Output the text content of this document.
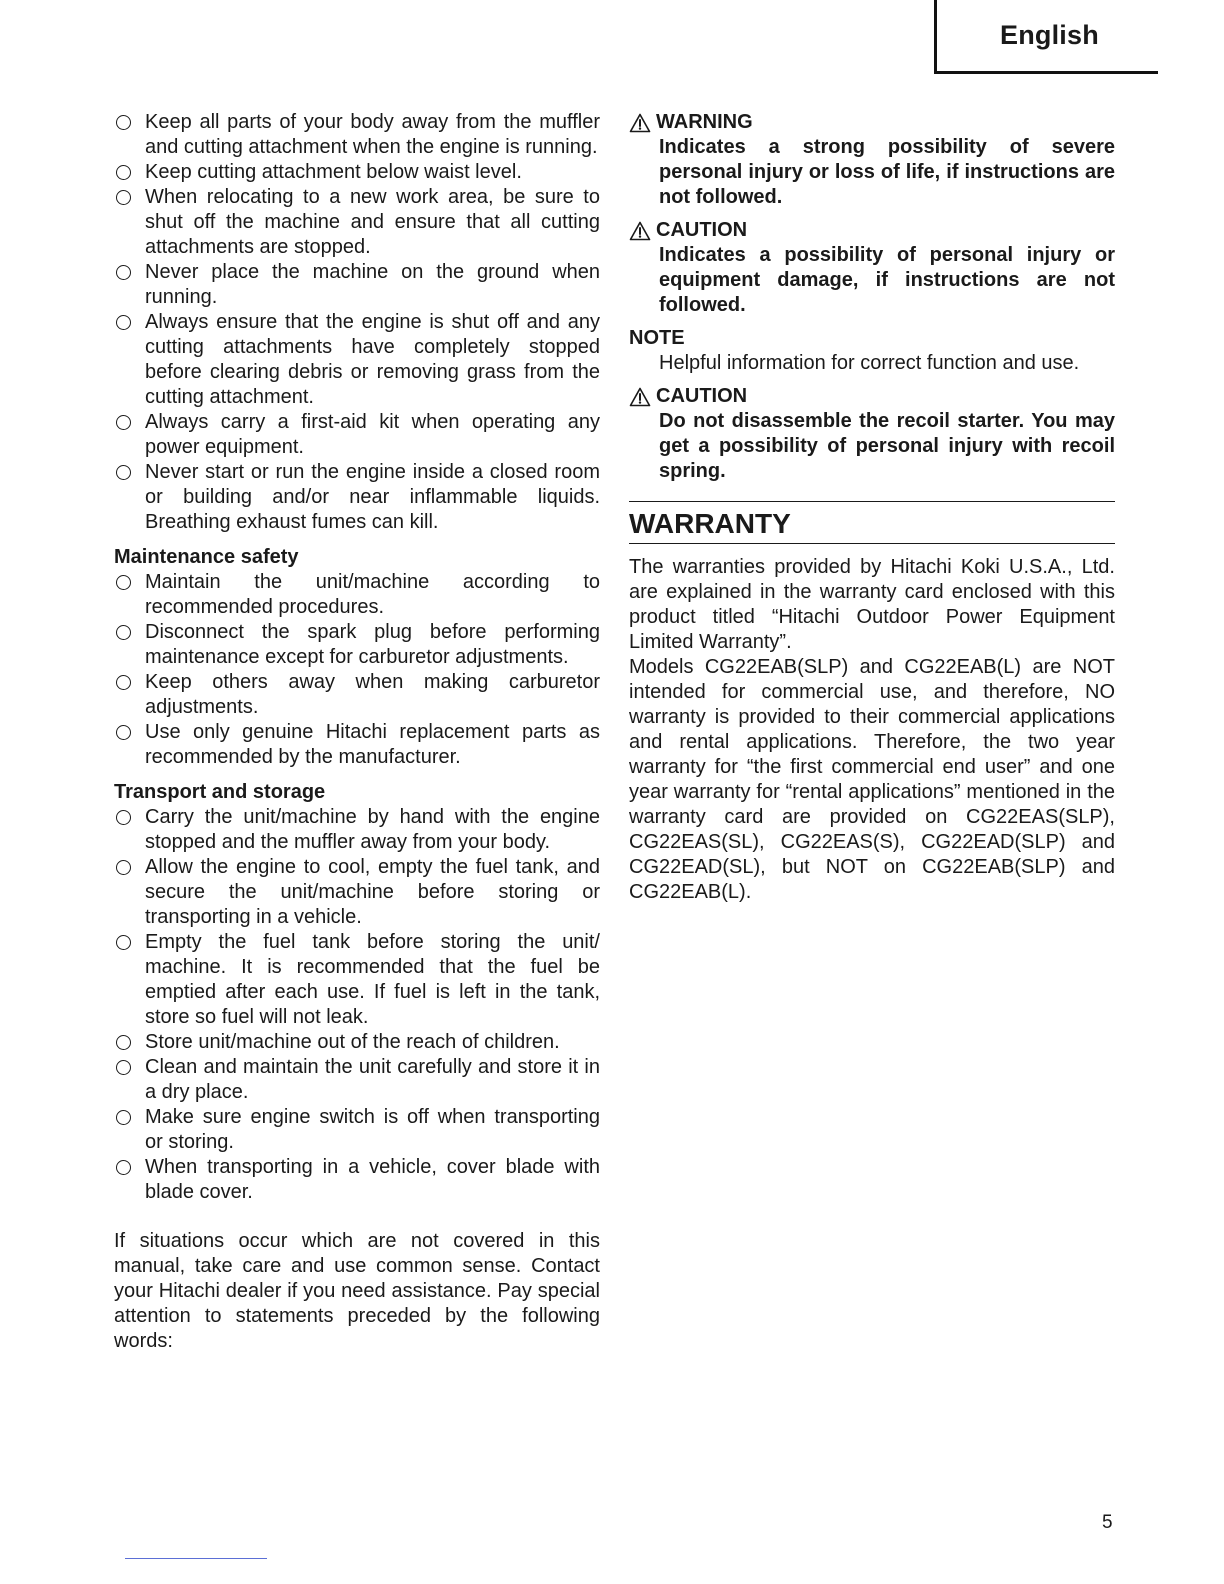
English
Keep all parts of your body away from the muffler and cutting attachment when the engine is running.
Keep cutting attachment below waist level.
When relocating to a new work area, be sure to shut off the machine and ensure that all cutting attachments are stopped.
Never place the machine on the ground when running.
Always ensure that the engine is shut off and any cutting attachments have completely stopped before clearing debris or removing grass from the cutting attachment.
Always carry a first-aid kit when operating any power equipment.
Never start or run the engine inside a closed room or building and/or near inflammable liquids. Breathing exhaust fumes can kill.
Maintenance safety
Maintain the unit/machine according to recommended procedures.
Disconnect the spark plug before performing maintenance except for carburetor adjustments.
Keep others away when making carburetor adjustments.
Use only genuine Hitachi replacement parts as recommended by the manufacturer.
Transport and storage
Carry the unit/machine by hand with the engine stopped and the muffler away from your body.
Allow the engine to cool, empty the fuel tank, and secure the unit/machine before storing or transporting in a vehicle.
Empty the fuel tank before storing the unit/ machine. It is recommended that the fuel be emptied after each use. If fuel is left in the tank, store so fuel will not leak.
Store unit/machine out of the reach of children.
Clean and maintain the unit carefully and store it in a dry place.
Make sure engine switch is off when transporting or storing.
When transporting in a vehicle, cover blade with blade cover.

If situations occur which are not covered in this manual, take care and use common sense. Contact your Hitachi dealer if you need assistance. Pay special attention to statements preceded by the following words:

WARNING
Indicates a strong possibility of severe personal injury or loss of life, if instructions are not followed.
CAUTION
Indicates a possibility of personal injury or equipment damage, if instructions are not followed.
NOTE
Helpful information for correct function and use.
CAUTION
Do not disassemble the recoil starter. You may get a possibility of personal injury with recoil spring.
WARRANTY
The warranties provided by Hitachi Koki U.S.A., Ltd. are explained in the warranty card enclosed with this product titled “Hitachi Outdoor Power Equipment Limited Warranty”.
Models CG22EAB(SLP) and CG22EAB(L) are NOT intended for commercial use, and therefore, NO warranty is provided to their commercial applications and rental applications. Therefore, the two year warranty for “the first commercial end user” and one year warranty for “rental applications” mentioned in the warranty card are provided on CG22EAS(SLP), CG22EAS(SL), CG22EAS(S), CG22EAD(SLP) and CG22EAD(SL), but NOT on CG22EAB(SLP) and CG22EAB(L).
5
